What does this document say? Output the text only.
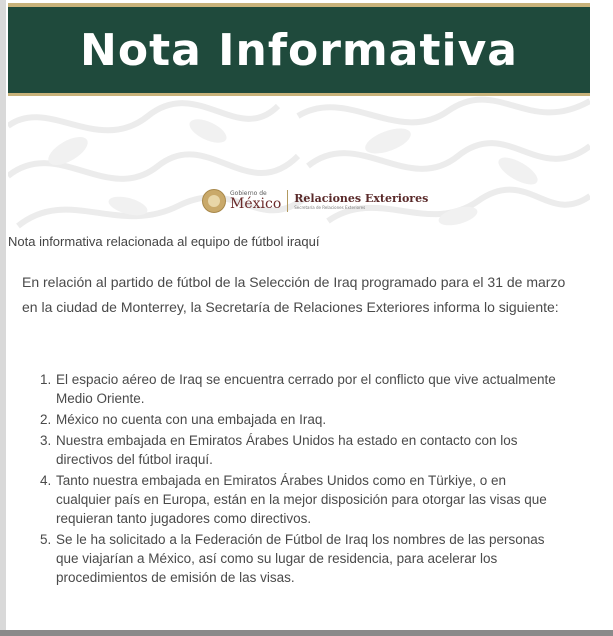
Nota Informativa
Gobierno de
México Relaciones Exteriores
Secretaría de Relaciones Exteriores
Nota informativa relacionada al equipo de fútbol iraquí
En relación al partido de fútbol de la Selección de Iraq programado para el 31 de marzo en la ciudad de Monterrey, la Secretaría de Relaciones Exteriores informa lo siguiente:
1. El espacio aéreo de Iraq se encuentra cerrado por el conflicto que vive actualmente Medio Oriente.
2. México no cuenta con una embajada en Iraq.
3. Nuestra embajada en Emiratos Árabes Unidos ha estado en contacto con los directivos del fútbol iraquí.
4. Tanto nuestra embajada en Emiratos Árabes Unidos como en Türkiye, o en cualquier país en Europa, están en la mejor disposición para otorgar las visas que requieran tanto jugadores como directivos.
5. Se le ha solicitado a la Federación de Fútbol de Iraq los nombres de las personas que viajarían a México, así como su lugar de residencia, para acelerar los procedimientos de emisión de las visas.
